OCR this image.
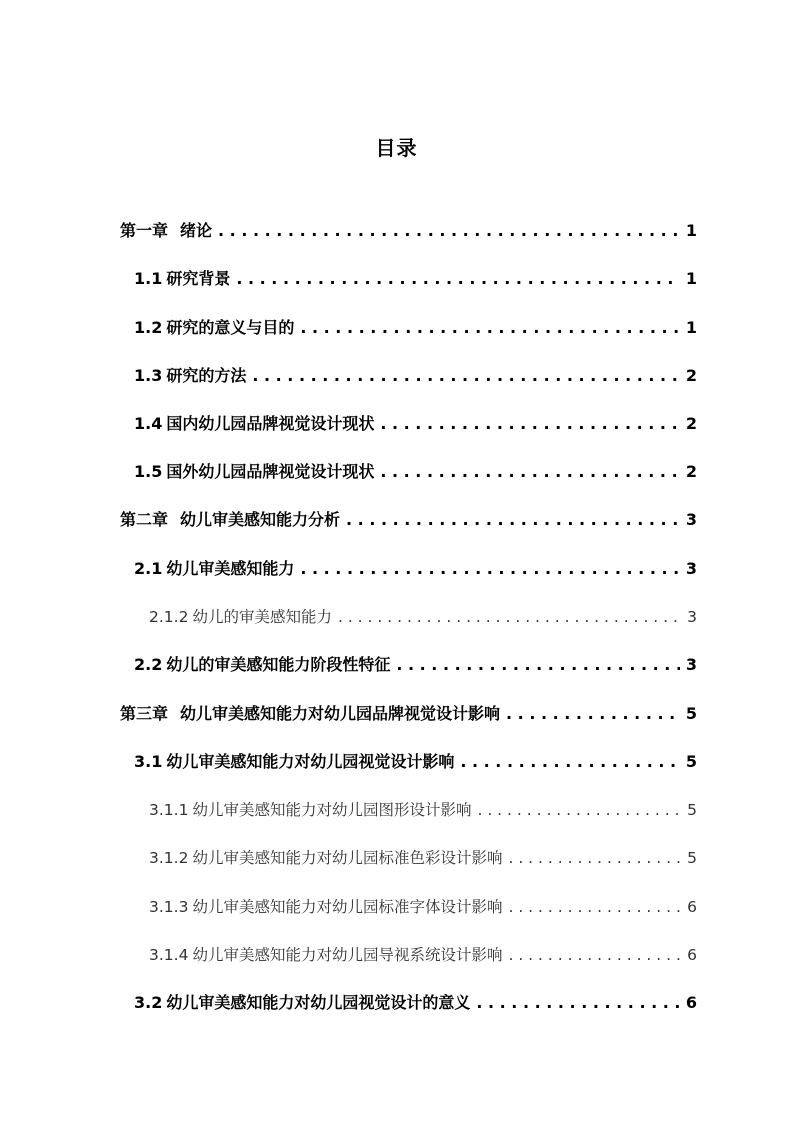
目录
第一章 绪论 . . .	1
1.1 研究背景 . . .	1
1.2 研究的意义与目的 . . .	1
1.3 研究的方法 . . .	2
1.4 国内幼儿园品牌视觉设计现状 . . .	2
1.5 国外幼儿园品牌视觉设计现状 . . .	2
第二章 幼儿审美感知能力分析 . . .	3
2.1 幼儿审美感知能力 . . .	3
2.1.2 幼儿的审美感知能力 . . .	3
2.2 幼儿的审美感知能力阶段性特征 . . .	3
第三章 幼儿审美感知能力对幼儿园品牌视觉设计影响 . . .	5
3.1 幼儿审美感知能力对幼儿园视觉设计影响 . . .	5
3.1.1 幼儿审美感知能力对幼儿园图形设计影响 . . .	5
3.1.2 幼儿审美感知能力对幼儿园标准色彩设计影响 . . .	5
3.1.3 幼儿审美感知能力对幼儿园标准字体设计影响 . . .	6
3.1.4 幼儿审美感知能力对幼儿园导视系统设计影响 . . .	6
3.2 幼儿审美感知能力对幼儿园视觉设计的意义 . . .	6
